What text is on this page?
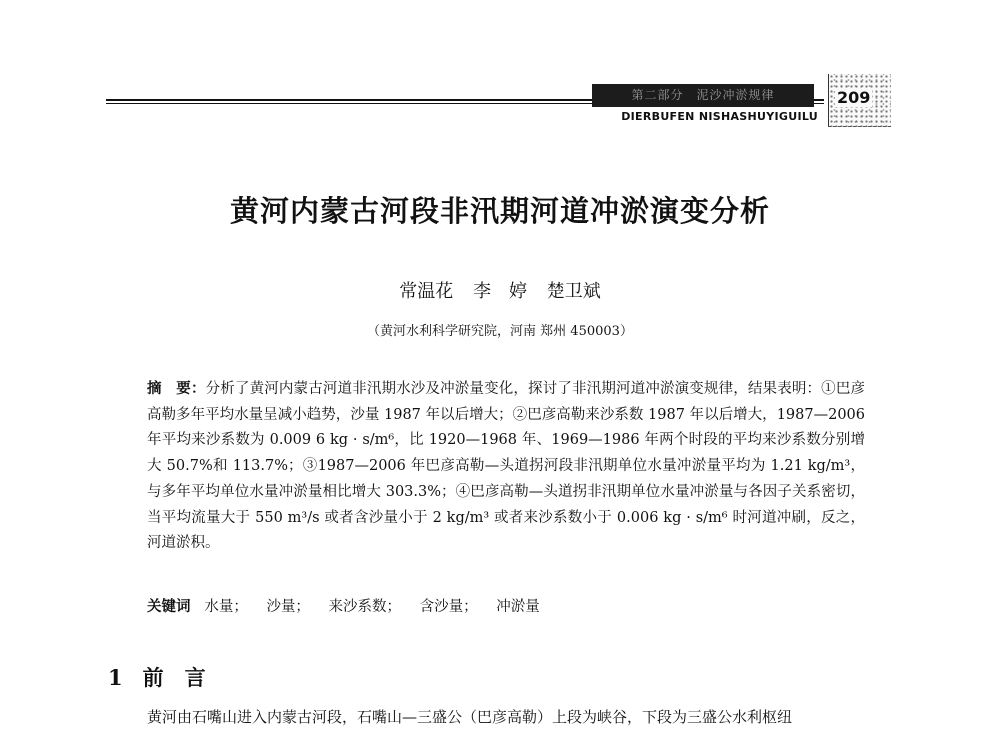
第二部分　泥沙冲淤规律
DIERBUFEN NISHASHUYIGUILU
209
黄河内蒙古河段非汛期河道冲淤演变分析
常温花 李　婷 楚卫斌
（黄河水利科学研究院，河南 郑州 450003）

摘　要：分析了黄河内蒙古河道非汛期水沙及冲淤量变化，探讨了非汛期河道冲淤演变规律，结果表明：①巴彦高勒多年平均水量呈减小趋势，沙量 1987 年以后增大；②巴彦高勒来沙系数 1987 年以后增大，1987—2006 年平均来沙系数为 0.009 6 kg · s/m⁶，比 1920—1968 年、1969—1986 年两个时段的平均来沙系数分别增大 50.7%和 113.7%；③1987—2006 年巴彦高勒—头道拐河段非汛期单位水量冲淤量平均为 1.21 kg/m³，与多年平均单位水量冲淤量相比增大 303.3%；④巴彦高勒—头道拐非汛期单位水量冲淤量与各因子关系密切，当平均流量大于 550 m³/s 或者含沙量小于 2 kg/m³ 或者来沙系数小于 0.006 kg · s/m⁶ 时河道冲刷，反之，河道淤积。

关键词 水量； 沙量； 来沙系数； 含沙量； 冲淤量
1 前　言
黄河由石嘴山进入内蒙古河段，石嘴山—三盛公（巴彦高勒）上段为峡谷，下段为三盛公水利枢纽
